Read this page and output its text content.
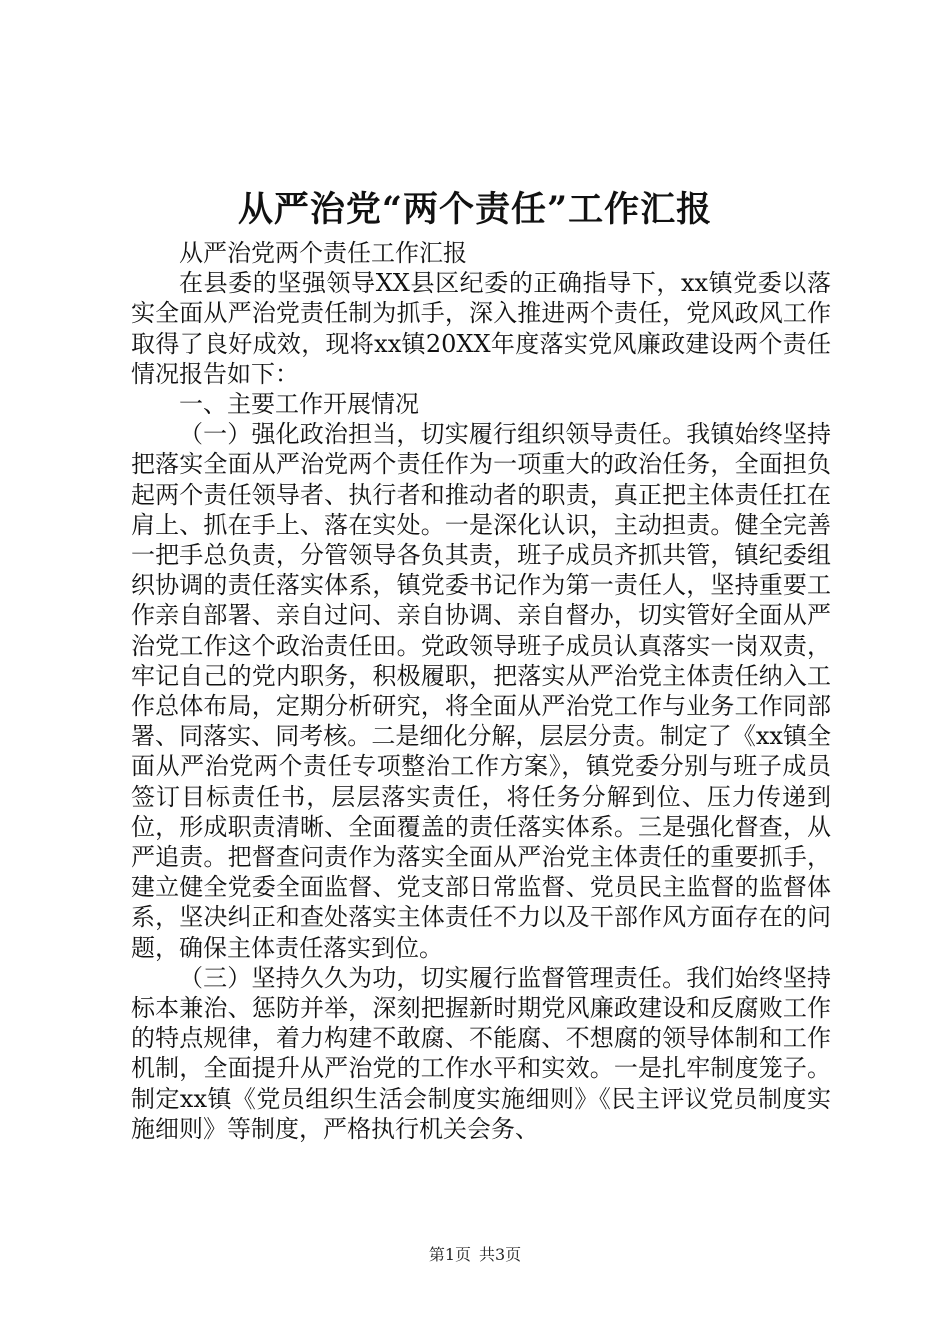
从严治党“两个责任”工作汇报

从严治党两个责任工作汇报

在县委的坚强领导XX县区纪委的正确指导下，xx镇党委以落实全面从严治党责任制为抓手，深入推进两个责任，党风政风工作取得了良好成效，现将xx镇20XX年度落实党风廉政建设两个责任情况报告如下：

一、主要工作开展情况

（一）强化政治担当，切实履行组织领导责任。我镇始终坚持把落实全面从严治党两个责任作为一项重大的政治任务，全面担负起两个责任领导者、执行者和推动者的职责，真正把主体责任扛在肩上、抓在手上、落在实处。一是深化认识，主动担责。健全完善一把手总负责，分管领导各负其责，班子成员齐抓共管，镇纪委组织协调的责任落实体系，镇党委书记作为第一责任人，坚持重要工作亲自部署、亲自过问、亲自协调、亲自督办，切实管好全面从严治党工作这个政治责任田。党政领导班子成员认真落实一岗双责，牢记自己的党内职务，积极履职，把落实从严治党主体责任纳入工作总体布局，定期分析研究，将全面从严治党工作与业务工作同部署、同落实、同考核。二是细化分解，层层分责。制定了《xx镇全面从严治党两个责任专项整治工作方案》，镇党委分别与班子成员签订目标责任书，层层落实责任，将任务分解到位、压力传递到位，形成职责清晰、全面覆盖的责任落实体系。三是强化督查，从严追责。把督查问责作为落实全面从严治党主体责任的重要抓手，建立健全党委全面监督、党支部日常监督、党员民主监督的监督体系，坚决纠正和查处落实主体责任不力以及干部作风方面存在的问题，确保主体责任落实到位。

（三）坚持久久为功，切实履行监督管理责任。我们始终坚持标本兼治、惩防并举，深刻把握新时期党风廉政建设和反腐败工作的特点规律，着力构建不敢腐、不能腐、不想腐的领导体制和工作机制，全面提升从严治党的工作水平和实效。一是扎牢制度笼子。制定xx镇《党员组织生活会制度实施细则》《民主评议党员制度实施细则》等制度，严格执行机关会务、

第1页 共3页
